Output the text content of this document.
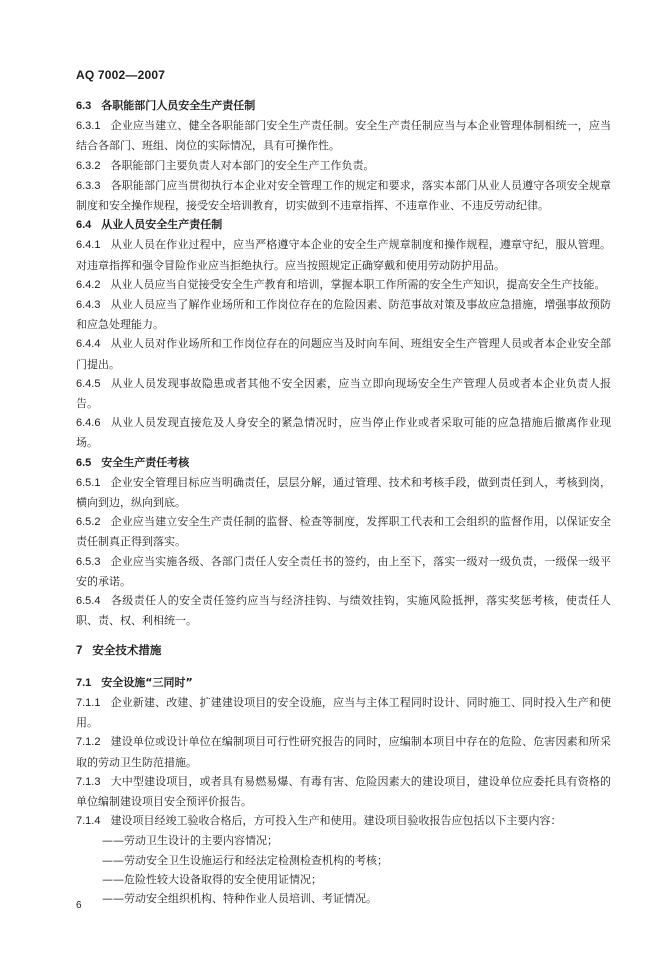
AQ 7002—2007

6.3 各职能部门人员安全生产责任制

6.3.1 企业应当建立、健全各职能部门安全生产责任制。安全生产责任制应当与本企业管理体制相统一，应当结合各部门、班组、岗位的实际情况，具有可操作性。

6.3.2 各职能部门主要负责人对本部门的安全生产工作负责。

6.3.3 各职能部门应当贯彻执行本企业对安全管理工作的规定和要求，落实本部门从业人员遵守各项安全规章制度和安全操作规程，接受安全培训教育，切实做到不违章指挥、不违章作业、不违反劳动纪律。

6.4 从业人员安全生产责任制

6.4.1 从业人员在作业过程中，应当严格遵守本企业的安全生产规章制度和操作规程，遵章守纪，服从管理。对违章指挥和强令冒险作业应当拒绝执行。应当按照规定正确穿戴和使用劳动防护用品。

6.4.2 从业人员应当自觉接受安全生产教育和培训，掌握本职工作所需的安全生产知识，提高安全生产技能。

6.4.3 从业人员应当了解作业场所和工作岗位存在的危险因素、防范事故对策及事故应急措施，增强事故预防和应急处理能力。

6.4.4 从业人员对作业场所和工作岗位存在的问题应当及时向车间、班组安全生产管理人员或者本企业安全部门提出。

6.4.5 从业人员发现事故隐患或者其他不安全因素，应当立即向现场安全生产管理人员或者本企业负责人报告。

6.4.6 从业人员发现直接危及人身安全的紧急情况时，应当停止作业或者采取可能的应急措施后撤离作业现场。

6.5 安全生产责任考核

6.5.1 企业安全管理目标应当明确责任，层层分解，通过管理、技术和考核手段，做到责任到人，考核到岗，横向到边，纵向到底。

6.5.2 企业应当建立安全生产责任制的监督、检查等制度，发挥职工代表和工会组织的监督作用，以保证安全责任制真正得到落实。

6.5.3 企业应当实施各级、各部门责任人安全责任书的签约，由上至下，落实一级对一级负责，一级保一级平安的承诺。

6.5.4 各级责任人的安全责任签约应当与经济挂钩、与绩效挂钩，实施风险抵押，落实奖惩考核，使责任人职、责、权、利相统一。

7 安全技术措施

7.1 安全设施“三同时”

7.1.1 企业新建、改建、扩建建设项目的安全设施，应当与主体工程同时设计、同时施工、同时投入生产和使用。

7.1.2 建设单位或设计单位在编制项目可行性研究报告的同时，应编制本项目中存在的危险、危害因素和所采取的劳动卫生防范措施。

7.1.3 大中型建设项目，或者具有易燃易爆、有毒有害、危险因素大的建设项目，建设单位应委托具有资格的单位编制建设项目安全预评价报告。

7.1.4 建设项目经竣工验收合格后，方可投入生产和使用。建设项目验收报告应包括以下主要内容：

——劳动卫生设计的主要内容情况；

——劳动安全卫生设施运行和经法定检测检查机构的考核；

——危险性较大设备取得的安全使用证情况；

——劳动安全组织机构、特种作业人员培训、考证情况。

6
